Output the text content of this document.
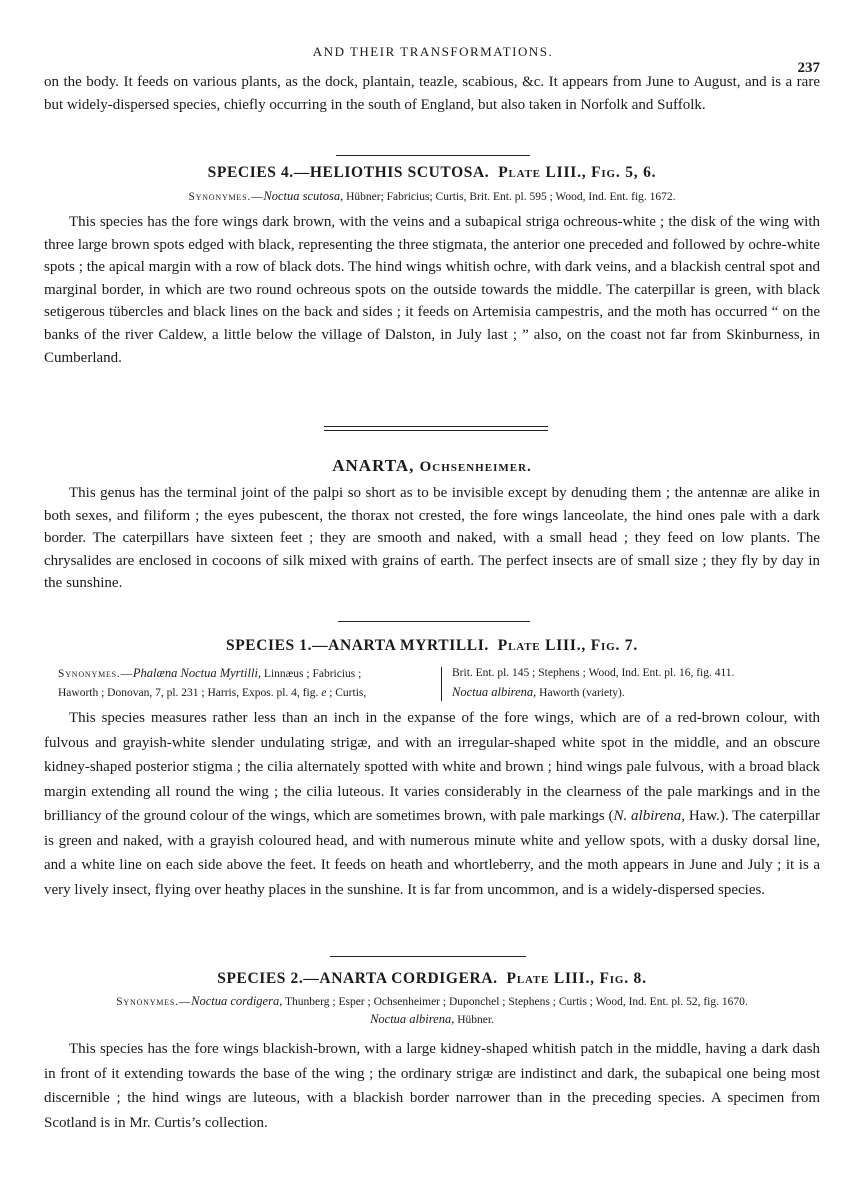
AND THEIR TRANSFORMATIONS.
237

on the body. It feeds on various plants, as the dock, plantain, teazle, scabious, &c. It appears from June to August, and is a rare but widely-dispersed species, chiefly occurring in the south of England, but also taken in Norfolk and Suffolk.

SPECIES 4.—HELIOTHIS SCUTOSA. Plate LIII., Fig. 5, 6.
Synonymes.—Noctua scutosa, Hübner; Fabricius; Curtis, Brit. Ent. pl. 595 ; Wood, Ind. Ent. fig. 1672.

This species has the fore wings dark brown, with the veins and a subapical striga ochreous-white ; the disk of the wing with three large brown spots edged with black, representing the three stigmata, the anterior one preceded and followed by ochre-white spots ; the apical margin with a row of black dots. The hind wings whitish ochre, with dark veins, and a blackish central spot and marginal border, in which are two round ochreous spots on the outside towards the middle. The caterpillar is green, with black setigerous tübercles and black lines on the back and sides ; it feeds on Artemisia campestris, and the moth has occurred “ on the banks of the river Caldew, a little below the village of Dalston, in July last ; ” also, on the coast not far from Skinburness, in Cumberland.

ANARTA, Ochsenheimer.

This genus has the terminal joint of the palpi so short as to be invisible except by denuding them ; the antennæ are alike in both sexes, and filiform ; the eyes pubescent, the thorax not crested, the fore wings lanceolate, the hind ones pale with a dark border. The caterpillars have sixteen feet ; they are smooth and naked, with a small head ; they feed on low plants. The chrysalides are enclosed in cocoons of silk mixed with grains of earth. The perfect insects are of small size ; they fly by day in the sunshine.

SPECIES 1.—ANARTA MYRTILLI. Plate LIII., Fig. 7.
Synonymes.—Phalæna Noctua Myrtilli, Linnæus ; Fabricius ;
Haworth ; Donovan, 7, pl. 231 ; Harris, Expos. pl. 4, fig. e ; Curtis,
Brit. Ent. pl. 145 ; Stephens ; Wood, Ind. Ent. pl. 16, fig. 411.
Noctua albirena, Haworth (variety).

This species measures rather less than an inch in the expanse of the fore wings, which are of a red-brown colour, with fulvous and grayish-white slender undulating strigæ, and with an irregular-shaped white spot in the middle, and an obscure kidney-shaped posterior stigma ; the cilia alternately spotted with white and brown ; hind wings pale fulvous, with a broad black margin extending all round the wing ; the cilia luteous. It varies considerably in the clearness of the pale markings and in the brilliancy of the ground colour of the wings, which are sometimes brown, with pale markings (N. albirena, Haw.). The caterpillar is green and naked, with a grayish coloured head, and with numerous minute white and yellow spots, with a dusky dorsal line, and a white line on each side above the feet. It feeds on heath and whortleberry, and the moth appears in June and July ; it is a very lively insect, flying over heathy places in the sunshine. It is far from uncommon, and is a widely-dispersed species.

SPECIES 2.—ANARTA CORDIGERA. Plate LIII., Fig. 8.
Synonymes.—Noctua cordigera, Thunberg ; Esper ; Ochsenheimer ; Duponchel ; Stephens ; Curtis ; Wood, Ind. Ent. pl. 52, fig. 1670.
Noctua albirena, Hübner.

This species has the fore wings blackish-brown, with a large kidney-shaped whitish patch in the middle, having a dark dash in front of it extending towards the base of the wing ; the ordinary strigæ are indistinct and dark, the subapical one being most discernible ; the hind wings are luteous, with a blackish border narrower than in the preceding species. A specimen from Scotland is in Mr. Curtis’s collection.
